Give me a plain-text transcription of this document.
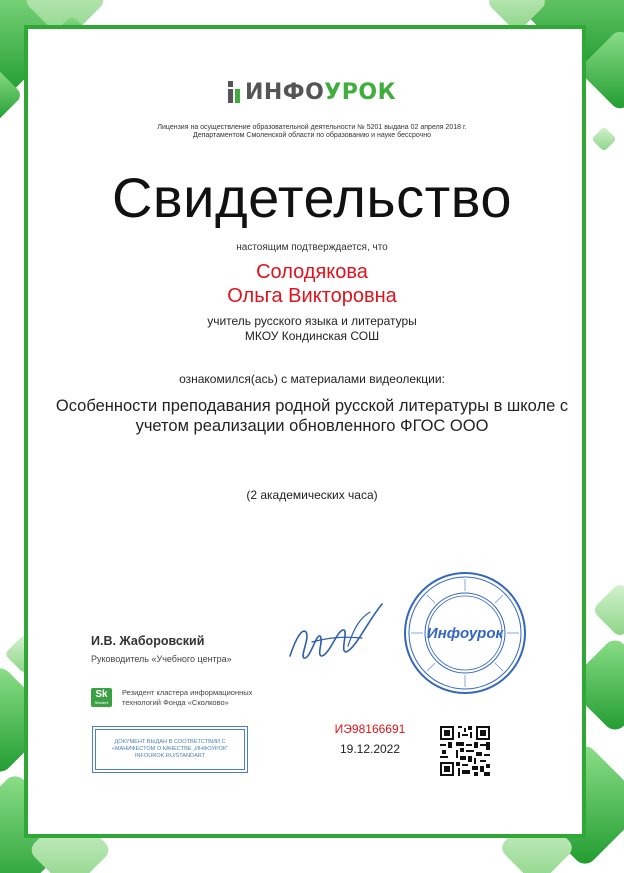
ИНФОУРОК
Лицензия на осуществление образовательной деятельности № 5201 выдана 02 апреля 2018 г.
Департаментом Смоленской области по образованию и науке бессрочно
Свидетельство
настоящим подтверждается, что
Солодякова
Ольга Викторовна
учитель русского языка и литературы
МКОУ Кондинская СОШ
ознакомился(ась) с материалами видеолекции:
Особенности преподавания родной русской литературы в школе с
учетом реализации обновленного ФГОС ООО
(2 академических часа)
Инфоурок
И.В. Жаборовский
Руководитель «Учебного центра»
Sk
Resident
Резидент кластера информационных
технологий Фонда «Сколково»
ДОКУМЕНТ ВЫДАН В СООТВЕТСТВИИ С
«МАНИФЕСТОМ О КАЧЕСТВЕ „ИНФОУРОК"
INFOUROK.RU/STANDART
ИЭ98166691
19.12.2022
